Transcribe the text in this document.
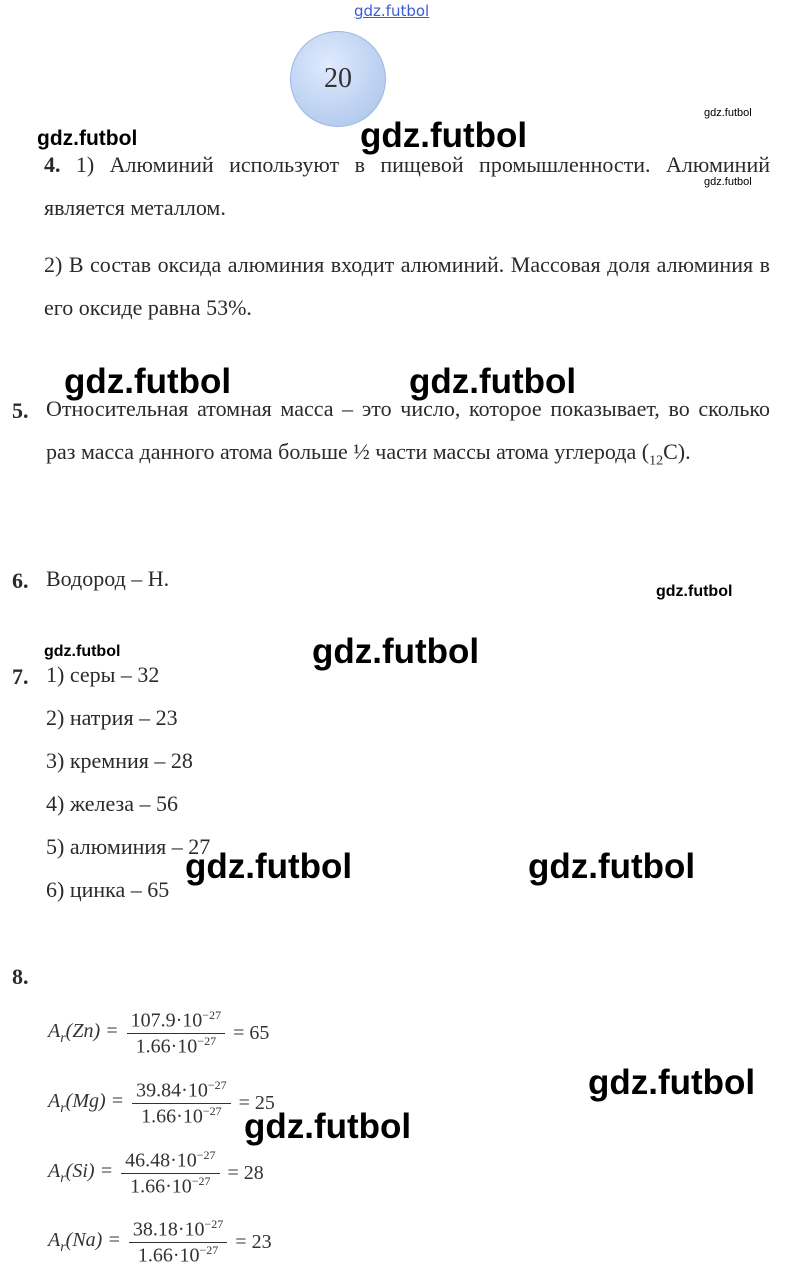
gdz.futbol
20
gdz.futbol
gdz.futbol	gdz.futbol
gdz.futbol
gdz.futbol	gdz.futbol
gdz.futbol
gdz.futbol	gdz.futbol
gdz.futbol	gdz.futbol
gdz.futbol
gdz.futbol
4. 1) Алюминий используют в пищевой промышленности. Алюминий является металлом.
2) В состав оксида алюминия входит алюминий. Массовая доля алюминия в его оксиде равна 53%.
5. Относительная атомная масса – это число, которое показывает, во сколько раз масса данного атома больше ½ части массы атома углерода $(_{12}C)$.
6. Водород – Н.
7. 1) серы – 32
2) натрия – 23
3) кремния – 28
4) железа – 56
5) алюминия – 27
6) цинка – 65
8.
$A_r(Zn) = \frac{107.9\cdot 10^{-27}}{1.66\cdot 10^{-27}} = 65$
$A_r(Mg) = \frac{39.84\cdot 10^{-27}}{1.66\cdot 10^{-27}} = 25$
$A_r(Si) = \frac{46.48\cdot 10^{-27}}{1.66\cdot 10^{-27}} = 28$
$A_r(Na) = \frac{38.18\cdot 10^{-27}}{1.66\cdot 10^{-27}} = 23$
